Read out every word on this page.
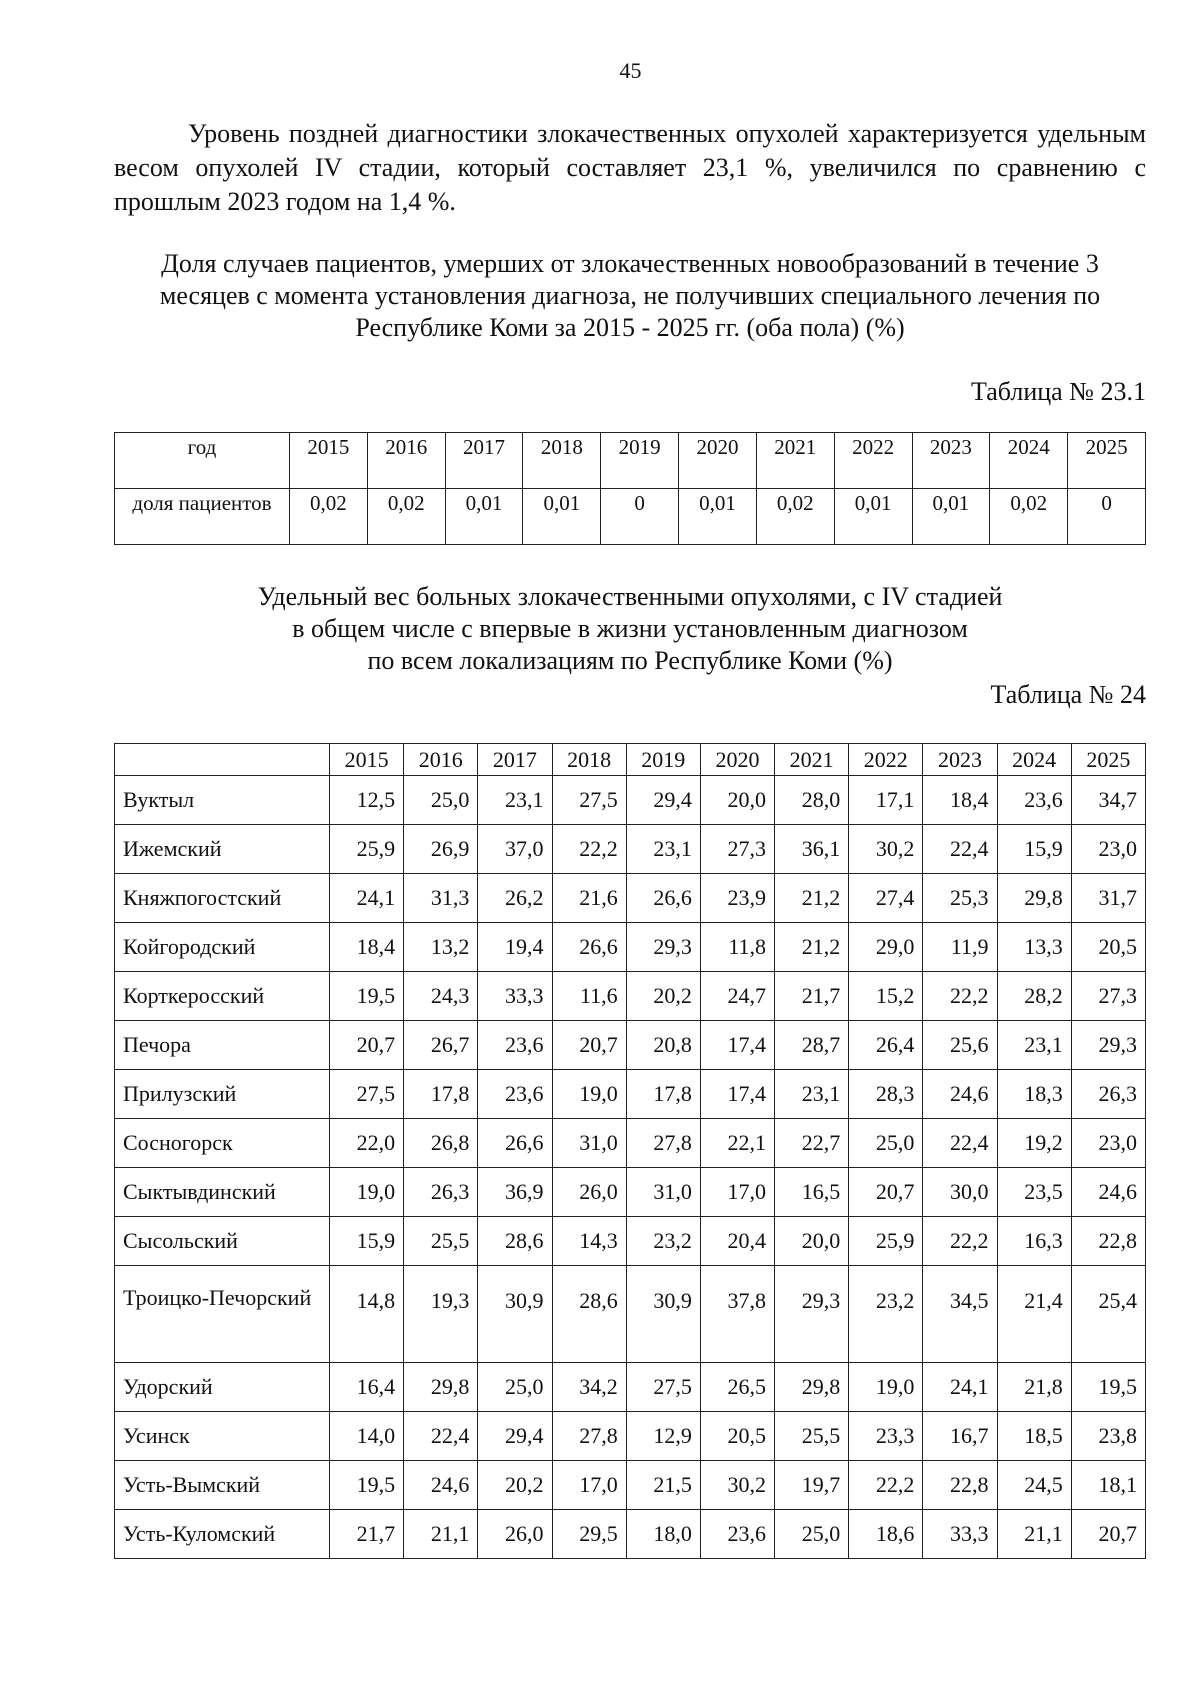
45

Уровень поздней диагностики злокачественных опухолей характеризуется удельным весом опухолей IV стадии, который составляет 23,1 %, увеличился по сравнению с прошлым 2023 годом на 1,4 %.

Доля случаев пациентов, умерших от злокачественных новообразований в течение 3 месяцев с момента установления диагноза, не получивших специального лечения по Республике Коми за 2015 - 2025 гг. (оба пола) (%)

Таблица № 23.1
год	2015	2016	2017	2018	2019	2020	2021	2022	2023	2024	2025
доля пациентов	0,02	0,02	0,01	0,01	0	0,01	0,02	0,01	0,01	0,02	0
Удельный вес больных злокачественными опухолями, с IV стадией
в общем числе с впервые в жизни установленным диагнозом
по всем локализациям по Республике Коми (%)
Таблица № 24
	2015	2016	2017	2018	2019	2020	2021	2022	2023	2024	2025
Вуктыл	12,5	25,0	23,1	27,5	29,4	20,0	28,0	17,1	18,4	23,6	34,7
Ижемский	25,9	26,9	37,0	22,2	23,1	27,3	36,1	30,2	22,4	15,9	23,0
Княжпогостский	24,1	31,3	26,2	21,6	26,6	23,9	21,2	27,4	25,3	29,8	31,7
Койгородский	18,4	13,2	19,4	26,6	29,3	11,8	21,2	29,0	11,9	13,3	20,5
Корткеросский	19,5	24,3	33,3	11,6	20,2	24,7	21,7	15,2	22,2	28,2	27,3
Печора	20,7	26,7	23,6	20,7	20,8	17,4	28,7	26,4	25,6	23,1	29,3
Прилузский	27,5	17,8	23,6	19,0	17,8	17,4	23,1	28,3	24,6	18,3	26,3
Сосногорск	22,0	26,8	26,6	31,0	27,8	22,1	22,7	25,0	22,4	19,2	23,0
Сыктывдинский	19,0	26,3	36,9	26,0	31,0	17,0	16,5	20,7	30,0	23,5	24,6
Сысольский	15,9	25,5	28,6	14,3	23,2	20,4	20,0	25,9	22,2	16,3	22,8
Троицко-Печорский	14,8	19,3	30,9	28,6	30,9	37,8	29,3	23,2	34,5	21,4	25,4
Удорский	16,4	29,8	25,0	34,2	27,5	26,5	29,8	19,0	24,1	21,8	19,5
Усинск	14,0	22,4	29,4	27,8	12,9	20,5	25,5	23,3	16,7	18,5	23,8
Усть-Вымский	19,5	24,6	20,2	17,0	21,5	30,2	19,7	22,2	22,8	24,5	18,1
Усть-Куломский	21,7	21,1	26,0	29,5	18,0	23,6	25,0	18,6	33,3	21,1	20,7
